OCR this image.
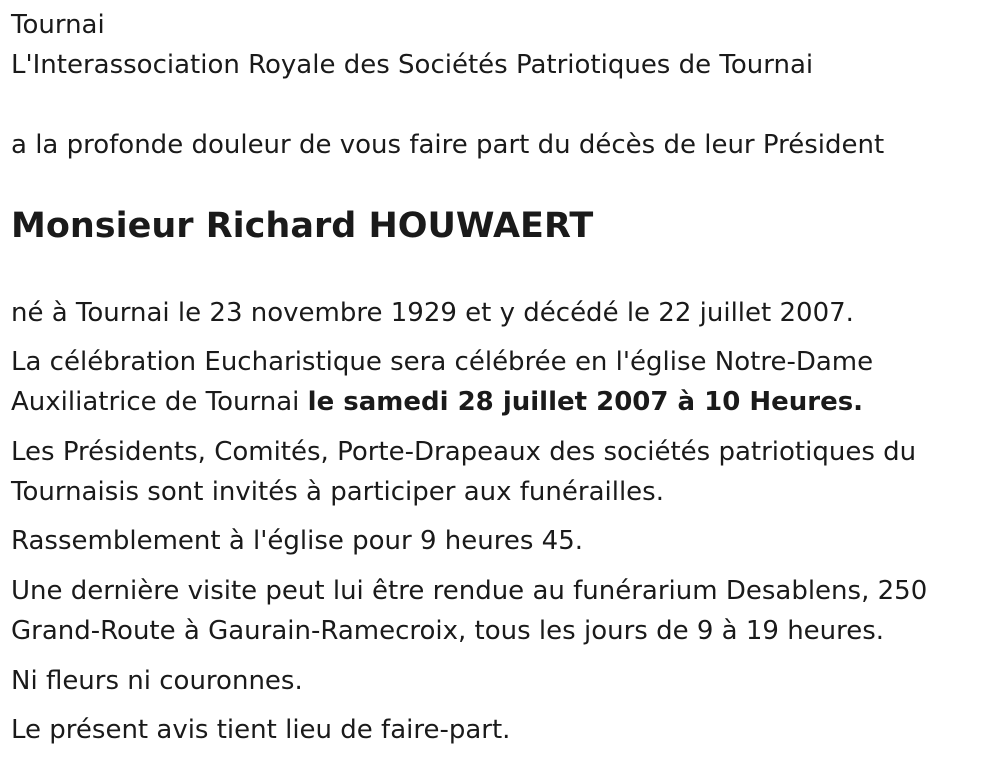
Tournai

L'Interassociation Royale des Sociétés Patriotiques de Tournai

a la profonde douleur de vous faire part du décès de leur Président

Monsieur Richard HOUWAERT

né à Tournai le 23 novembre 1929 et y décédé le 22 juillet 2007.

La célébration Eucharistique sera célébrée en l'église Notre-Dame

Auxiliatrice de Tournai le samedi 28 juillet 2007 à 10 Heures.

Les Présidents, Comités, Porte-Drapeaux des sociétés patriotiques du

Tournaisis sont invités à participer aux funérailles.

Rassemblement à l'église pour 9 heures 45.

Une dernière visite peut lui être rendue au funérarium Desablens, 250

Grand-Route à Gaurain-Ramecroix, tous les jours de 9 à 19 heures.

Ni fleurs ni couronnes.

Le présent avis tient lieu de faire-part.
